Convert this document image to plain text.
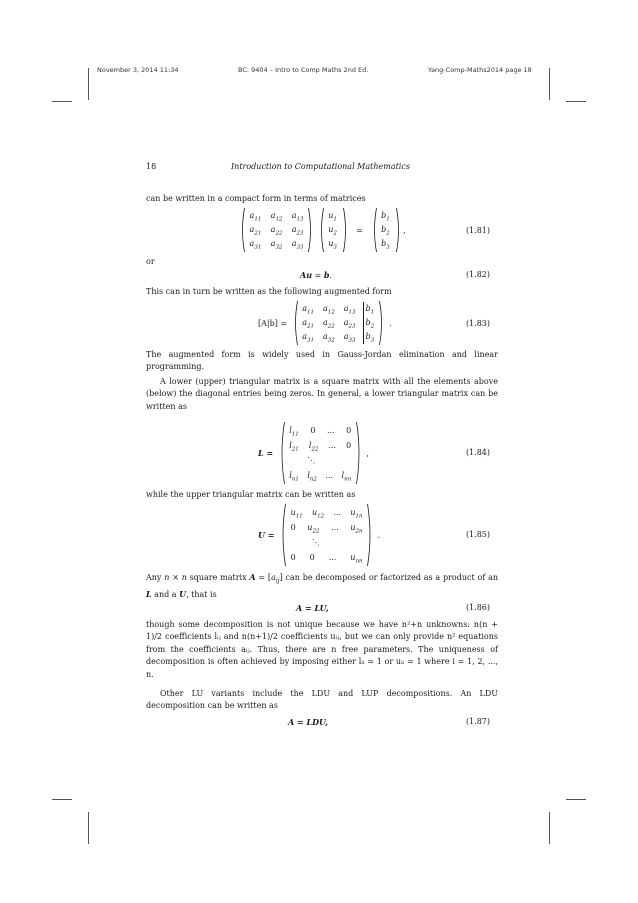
November 3, 2014 11:34	BC: 9404 – Intro to Comp Maths 2nd Ed.	Yang-Comp-Maths2014 page 18
18	Introduction to Computational Mathematics
can be written in a compact form in terms of matrices

$a_{11}$ $a_{12}$ $a_{13}$
$a_{21}$ $a_{22}$ $a_{23}$
$a_{31}$ $a_{32}$ $a_{33}$

$u_1$
$u_2$
$u_3$
=
$b_1$
$b_2$
$b_3$
,	(1.81)
or
Au = b.	(1.82)
This can in turn be written as the following augmented form
[A|b] =
$a_{11}$ $a_{12}$ $a_{13}$	$b_1$
$a_{21}$ $a_{22}$ $a_{23}$	$b_2$
$a_{31}$ $a_{32}$ $a_{33}$	$b_3$
.	(1.83)
The augmented form is widely used in Gauss-Jordan elimination and linear programming.
A lower (upper) triangular matrix is a square matrix with all the elements above (below) the diagonal entries being zeros. In general, a lower triangular matrix can be written as
L =
$l_{11}$ 0 ... 0
$l_{21}$ $l_{22}$ ... 0
⋱
$l_{n1}$ $l_{n2}$ ... $l_{nn}$
,	(1.84)
while the upper triangular matrix can be written as
U =
$u_{11}$ $u_{12}$ ... $u_{1n}$
0 $u_{22}$ ... $u_{2n}$
⋱
0 0 ... $u_{nn}$
.	(1.85)
Any n × n square matrix $A = [a_{ij}]$ can be decomposed or factorized as a product of an L and a U, that is
A = LU,	(1.86)
though some decomposition is not unique because we have n²+n unknowns: n(n + 1)/2 coefficients lᵢⱼ and n(n+1)/2 coefficients uᵢⱼ, but we can only provide n² equations from the coefficients aᵢⱼ. Thus, there are n free parameters. The uniqueness of decomposition is often achieved by imposing either lᵢᵢ = 1 or uᵢᵢ = 1 where i = 1, 2, ..., n.
Other LU variants include the LDU and LUP decompositions. An LDU decomposition can be written as
A = LDU,	(1.87)
